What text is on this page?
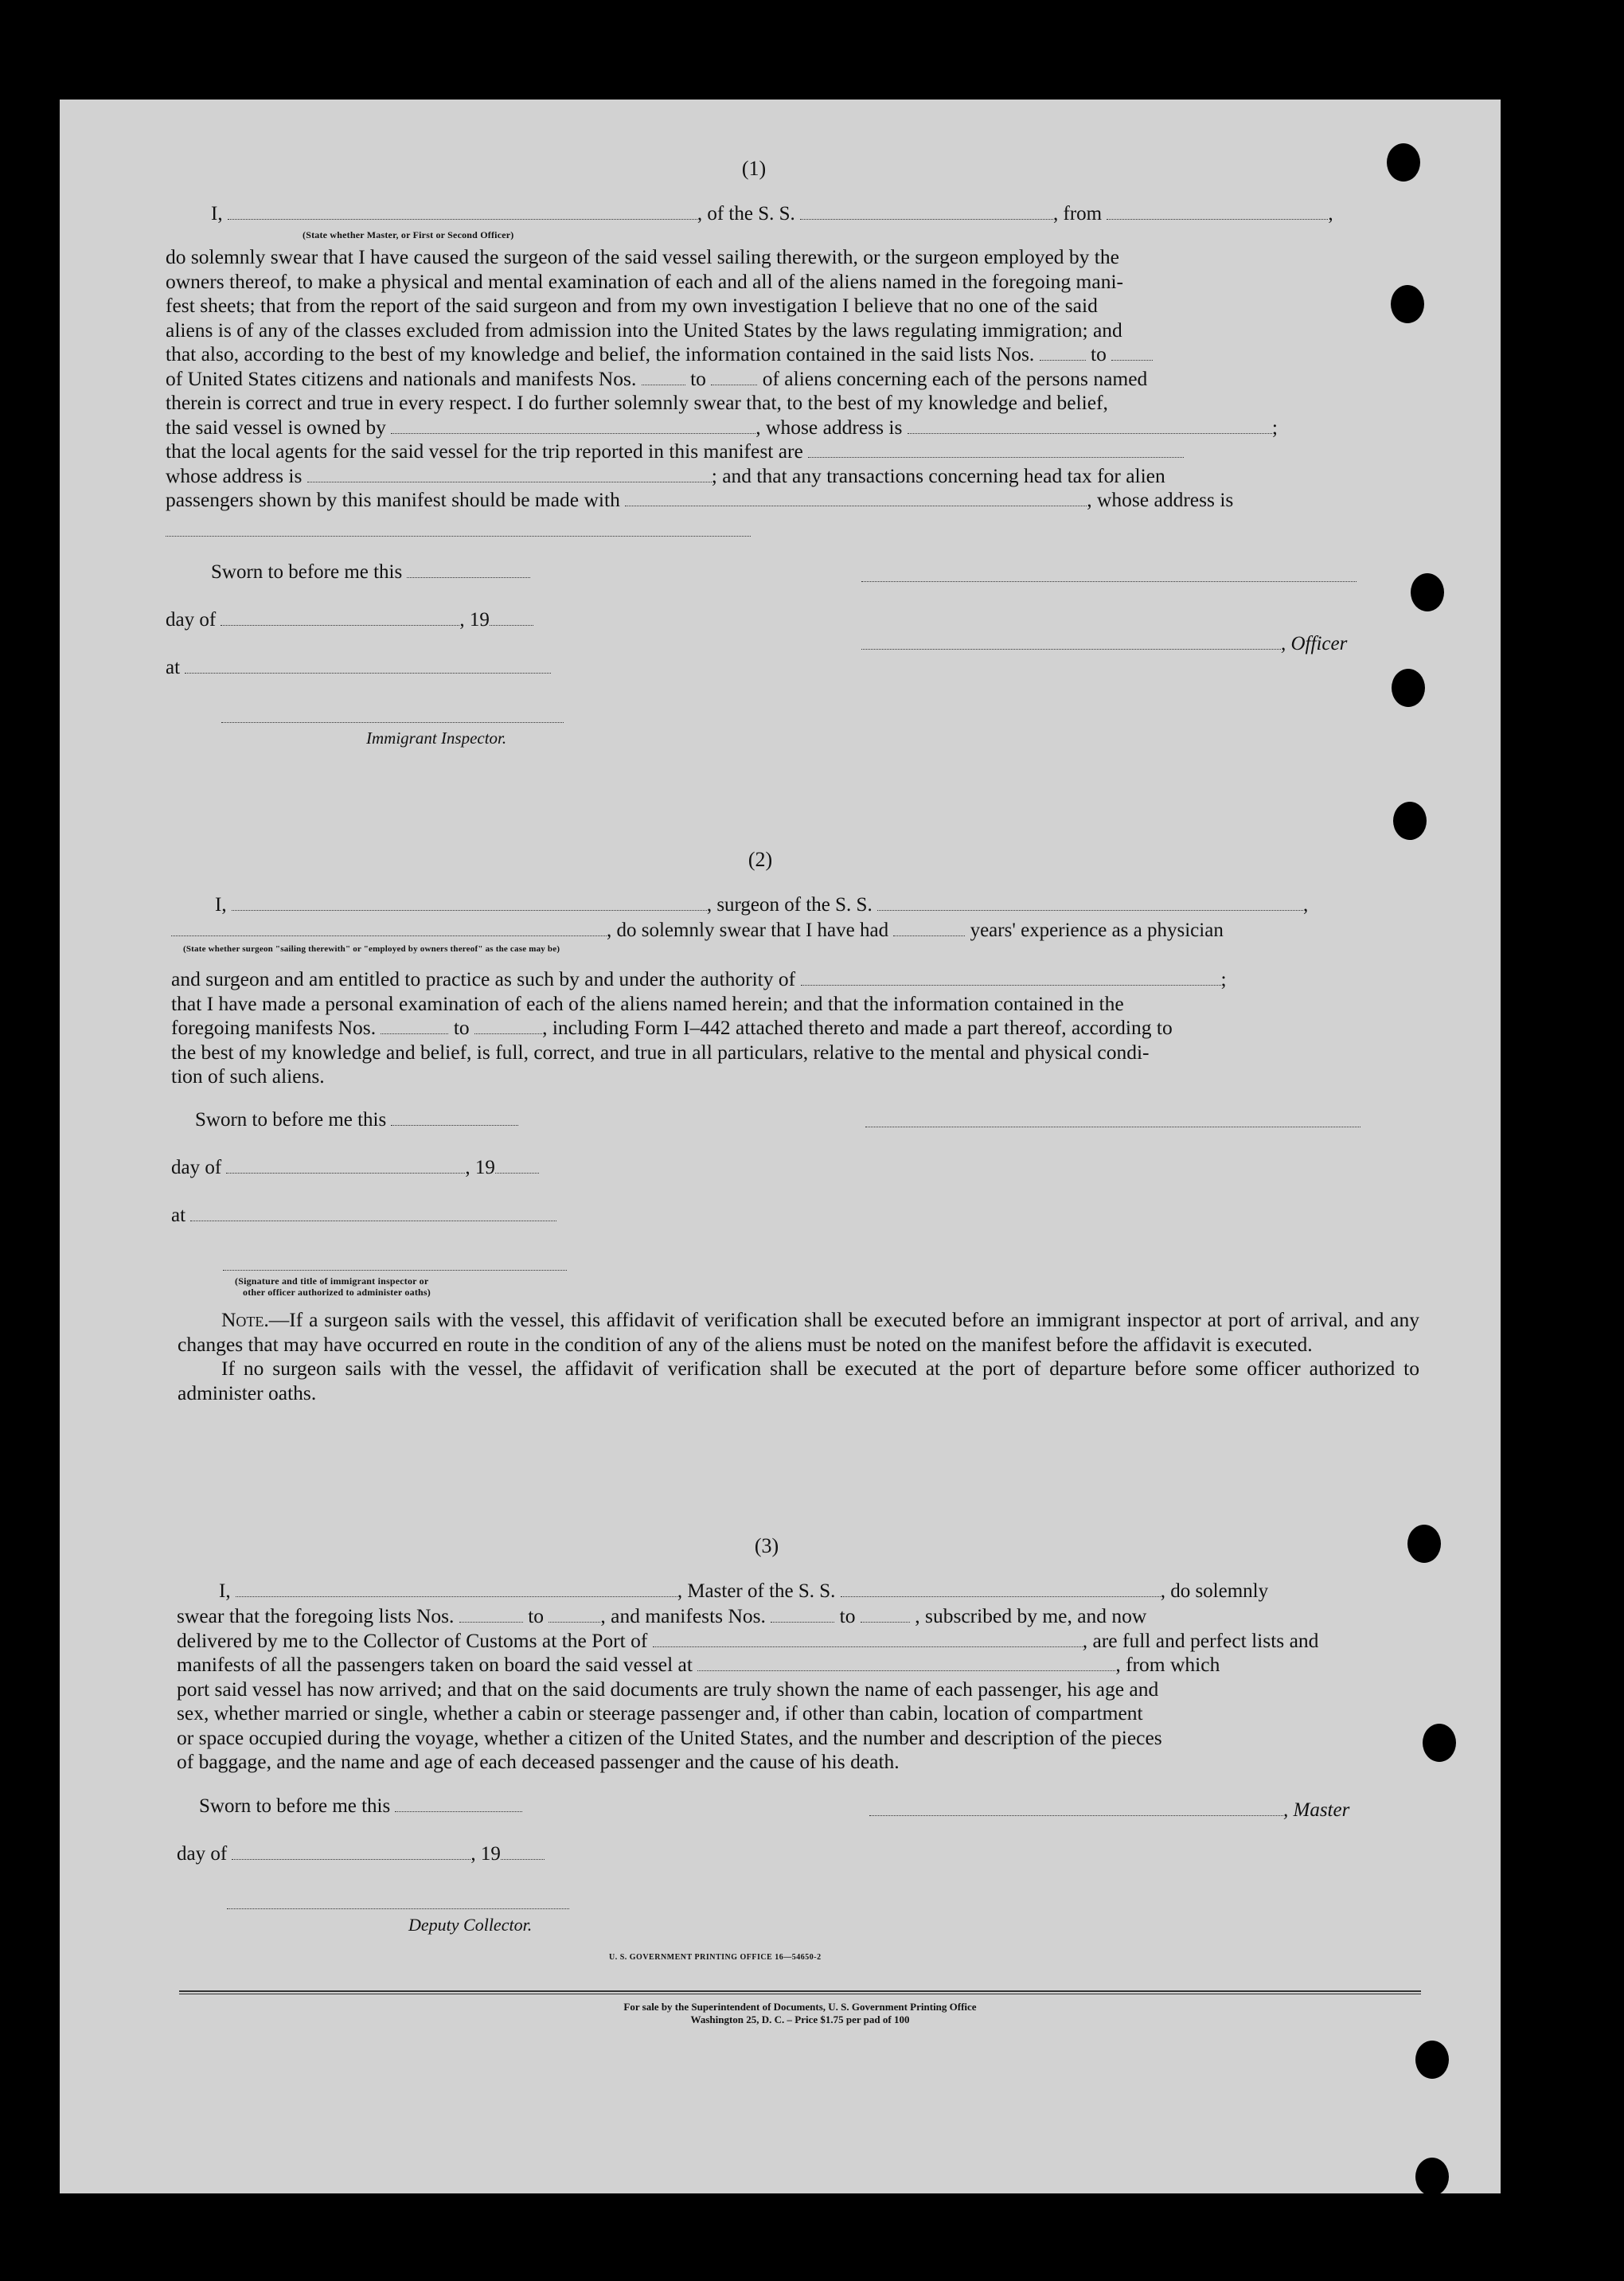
(1)
I,	, of the S. S.	, from	,
(State whether Master, or First or Second Officer)

do solemnly swear that I have caused the surgeon of the said vessel sailing therewith, or the surgeon employed by the

owners thereof, to make a physical and mental examination of each and all of the aliens named in the foregoing mani-

fest sheets; that from the report of the said surgeon and from my own investigation I believe that no one of the said

aliens is of any of the classes excluded from admission into the United States by the laws regulating immigration; and

that also, according to the best of my knowledge and belief, the information contained in the said lists Nos.	to

of United States citizens and nationals and manifests Nos.	to	of aliens concerning each of the persons named

therein is correct and true in every respect. I do further solemnly swear that, to the best of my knowledge and belief,

the said vessel is owned by	, whose address is	;

that the local agents for the said vessel for the trip reported in this manifest are

whose address is	; and that any transactions concerning head tax for alien

passengers shown by this manifest should be made with	, whose address is

Sworn to before me this
day of	, 19
at
Immigrant Inspector.
, Officer
(2)
I,	, surgeon of the S. S.	,
, do solemnly swear that I have had	years' experience as a physician
(State whether surgeon "sailing therewith" or "employed by owners thereof" as the case may be)

and surgeon and am entitled to practice as such by and under the authority of	;

that I have made a personal examination of each of the aliens named herein; and that the information contained in the

foregoing manifests Nos.	to	, including Form I–442 attached thereto and made a part thereof, according to

the best of my knowledge and belief, is full, correct, and true in all particulars, relative to the mental and physical condi-

tion of such aliens.

Sworn to before me this
day of	, 19
at
(Signature and title of immigrant inspector or
other officer authorized to administer oaths)

Note.—If a surgeon sails with the vessel, this affidavit of verification shall be executed before an immigrant inspector at port of arrival, and any changes that may have occurred en route in the condition of any of the aliens must be noted on the manifest before the affidavit is executed.

If no surgeon sails with the vessel, the affidavit of verification shall be executed at the port of departure before some officer authorized to administer oaths.

(3)
I,	, Master of the S. S.	, do solemnly

swear that the foregoing lists Nos.	to	, and manifests Nos.	to	, subscribed by me, and now

delivered by me to the Collector of Customs at the Port of	, are full and perfect lists and

manifests of all the passengers taken on board the said vessel at	, from which

port said vessel has now arrived; and that on the said documents are truly shown the name of each passenger, his age and

sex, whether married or single, whether a cabin or steerage passenger and, if other than cabin, location of compartment

or space occupied during the voyage, whether a citizen of the United States, and the number and description of the pieces

of baggage, and the name and age of each deceased passenger and the cause of his death.

Sworn to before me this
day of	, 19
Deputy Collector.
, Master
U. S. GOVERNMENT PRINTING OFFICE 16—54650-2
For sale by the Superintendent of Documents, U. S. Government Printing Office
Washington 25, D. C. – Price $1.75 per pad of 100
